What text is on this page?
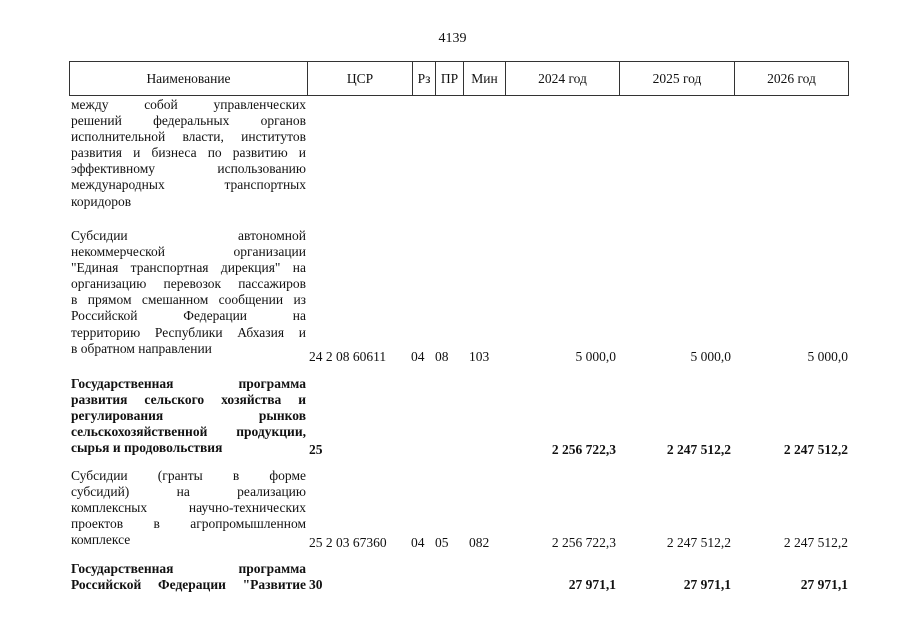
4139
Наименование	ЦСР	Рз ПР Мин	2024 год	2025 год	2026 год
между собой управленческих
решений федеральных органов
исполнительной власти, институтов
развития и бизнеса по развитию и
эффективному использованию
международных транспортных
коридоров
Субсидии автономной
некоммерческой организации
"Единая транспортная дирекция" на
организацию перевозок пассажиров
в прямом смешанном сообщении из
Российской Федерации на
территорию Республики Абхазия и
в обратном направлении
24 2 08 60611 04 08 103	5 000,0	5 000,0	5 000,0
Государственная программа
развития сельского хозяйства и
регулирования рынков
сельскохозяйственной продукции,
сырья и продовольствия	25	2 256 722,3	2 247 512,2	2 247 512,2
Субсидии (гранты в форме
субсидий) на реализацию
комплексных научно-технических
проектов в агропромышленном
комплексе	25 2 03 67360 04 05 082	2 256 722,3	2 247 512,2	2 247 512,2
Государственная программа
Российской Федерации "Развитие 30	27 971,1	27 971,1	27 971,1
